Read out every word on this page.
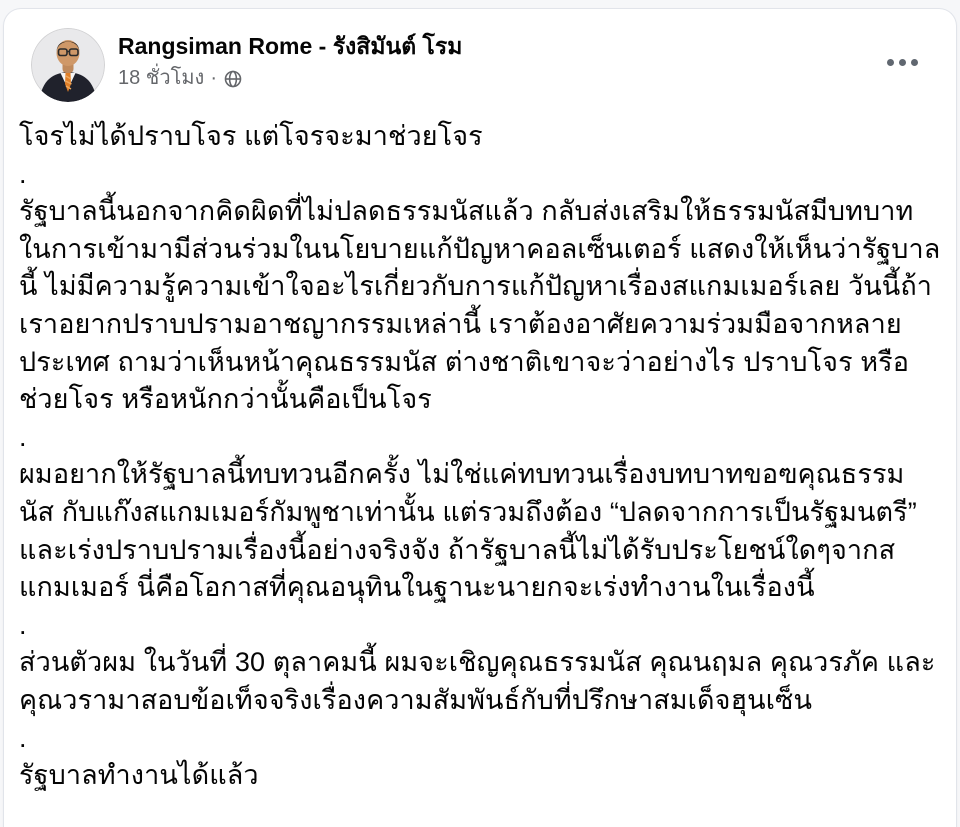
Rangsiman Rome - รังสิมันต์ โรม
18 ชั่วโมง ·
โจรไม่ได้ปราบโจร แต่โจรจะมาช่วยโจร
.
รัฐบาลนี้นอกจากคิดผิดที่ไม่ปลดธรรมนัสแล้ว กลับส่งเสริมให้ธรรมนัสมีบทบาท
ในการเข้ามามีส่วนร่วมในนโยบายแก้ปัญหาคอลเซ็นเตอร์ แสดงให้เห็นว่ารัฐบาล
นี้ ไม่มีความรู้ความเข้าใจอะไรเกี่ยวกับการแก้ปัญหาเรื่องสแกมเมอร์เลย วันนี้ถ้า
เราอยากปราบปรามอาชญากรรมเหล่านี้ เราต้องอาศัยความร่วมมือจากหลาย
ประเทศ ถามว่าเห็นหน้าคุณธรรมนัส ต่างชาติเขาจะว่าอย่างไร ปราบโจร หรือ
ช่วยโจร หรือหนักกว่านั้นคือเป็นโจร
.
ผมอยากให้รัฐบาลนี้ทบทวนอีกครั้ง ไม่ใช่แค่ทบทวนเรื่องบทบาทขอฃคุณธรรม
นัส กับแก๊งสแกมเมอร์กัมพูชาเท่านั้น แต่รวมถึงต้อง “ปลดจากการเป็นรัฐมนตรี”
และเร่งปราบปรามเรื่องนี้อย่างจริงจัง ถ้ารัฐบาลนี้ไม่ได้รับประโยชน์ใดๆจากส
แกมเมอร์ นี่คือโอกาสที่คุณอนุทินในฐานะนายกจะเร่งทำงานในเรื่องนี้
.
ส่วนตัวผม ในวันที่ 30 ตุลาคมนี้ ผมจะเชิญคุณธรรมนัส คุณนฤมล คุณวรภัค และ
คุณวรามาสอบข้อเท็จจริงเรื่องความสัมพันธ์กับที่ปรึกษาสมเด็จฮุนเซ็น
.
รัฐบาลทำงานได้แล้ว
